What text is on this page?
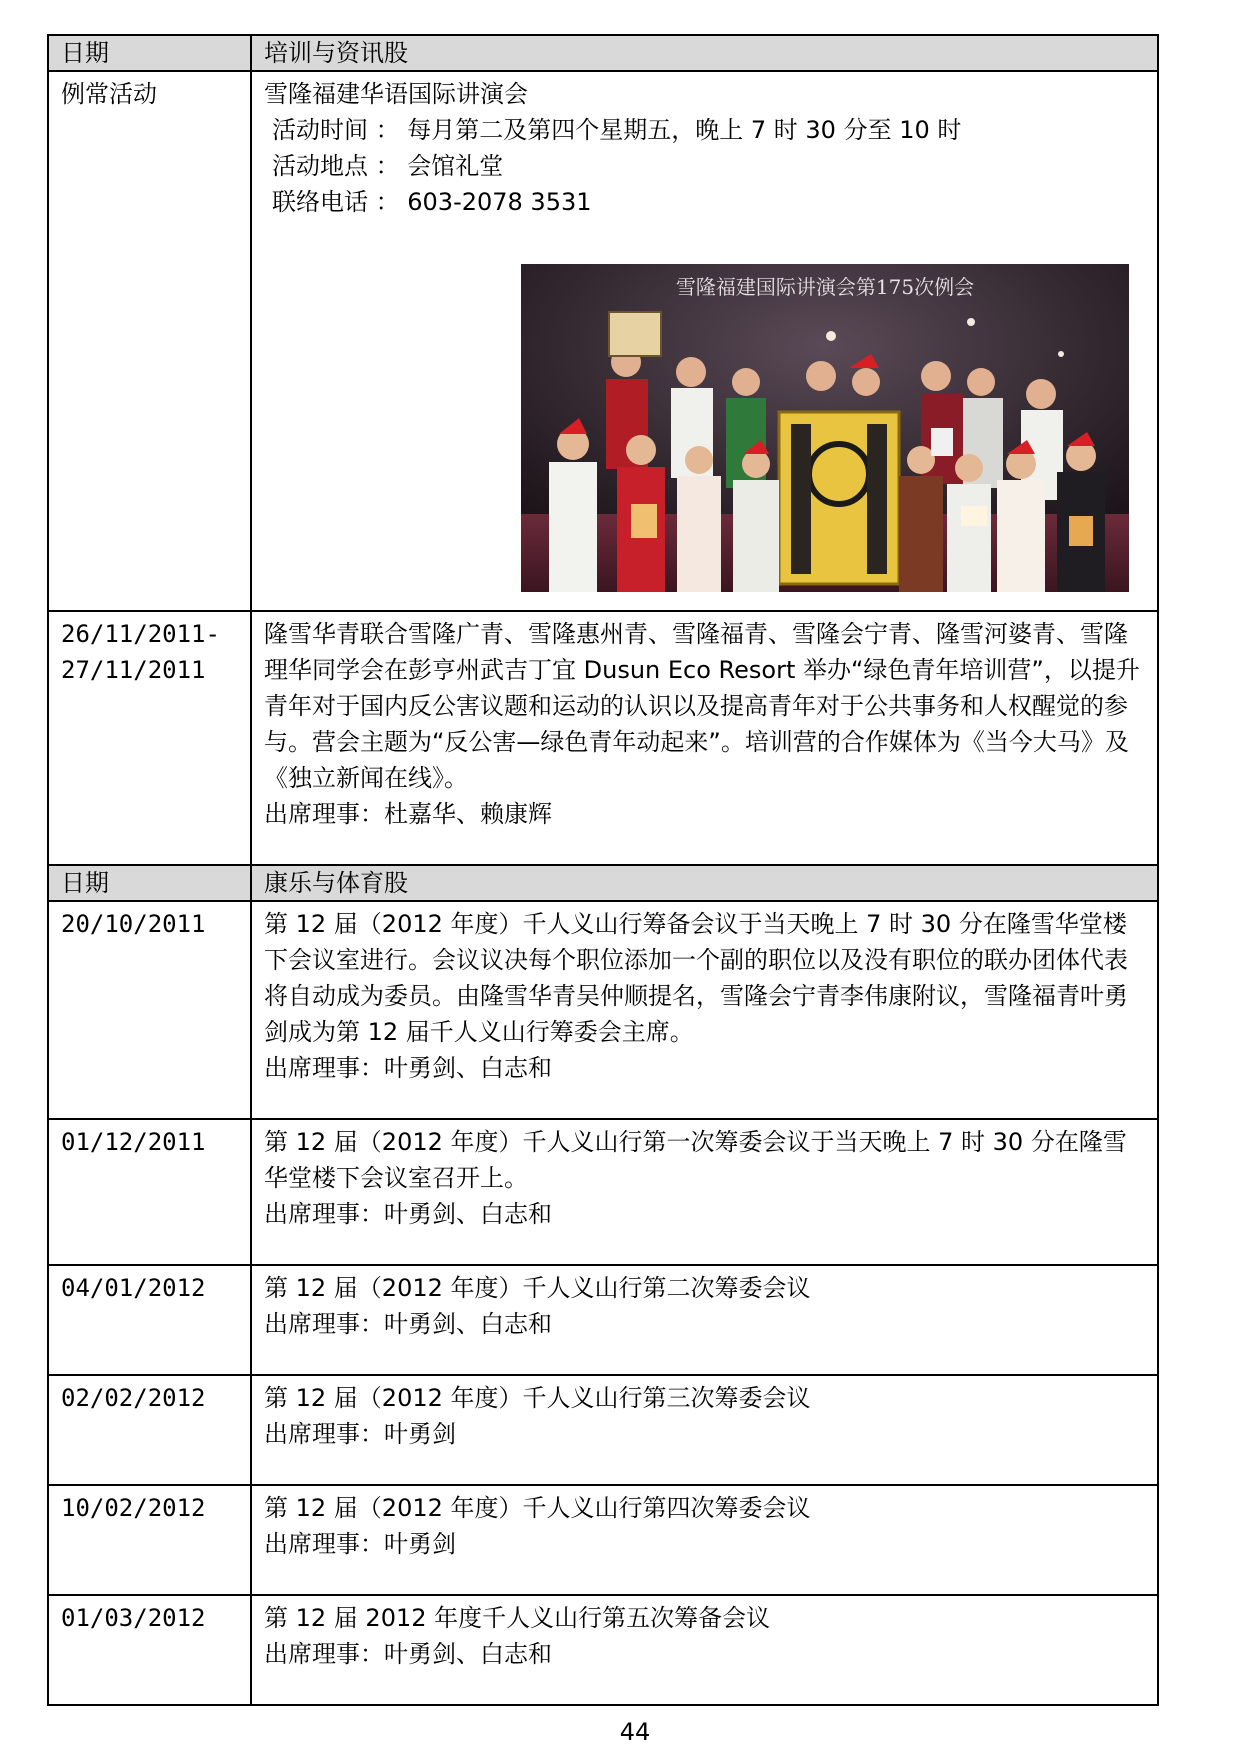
日期	培训与资讯股
例常活动	雪隆福建华语国际讲演会
活动时间 ： 每月第二及第四个星期五，晚上 7 时 30 分至 10 时
活动地点 ： 会馆礼堂
联络电话 ： 603-2078 3531
雪隆福建国际讲演会第175次例会

26/11/2011-
27/11/2011	隆雪华青联合雪隆广青、雪隆惠州青、雪隆福青、雪隆会宁青、隆雪河婆青、雪隆理华同学会在彭亨州武吉丁宜 Dusun Eco Resort 举办“绿色青年培训营”，以提升青年对于国内反公害议题和运动的认识以及提高青年对于公共事务和人权醒觉的参与。营会主题为“反公害—绿色青年动起来”。培训营的合作媒体为《当今大马》及《独立新闻在线》。
出席理事：杜嘉华、赖康辉

日期	康乐与体育股
20/10/2011	第 12 届（2012 年度）千人义山行筹备会议于当天晚上 7 时 30 分在隆雪华堂楼下会议室进行。会议议决每个职位添加一个副的职位以及没有职位的联办团体代表将自动成为委员。由隆雪华青吴仲顺提名，雪隆会宁青李伟康附议，雪隆福青叶勇剑成为第 12 届千人义山行筹委会主席。
出席理事：叶勇剑、白志和

01/12/2011	第 12 届（2012 年度）千人义山行第一次筹委会议于当天晚上 7 时 30 分在隆雪华堂楼下会议室召开上。
出席理事：叶勇剑、白志和

04/01/2012	第 12 届（2012 年度）千人义山行第二次筹委会议
出席理事：叶勇剑、白志和

02/02/2012	第 12 届（2012 年度）千人义山行第三次筹委会议
出席理事：叶勇剑

10/02/2012	第 12 届（2012 年度）千人义山行第四次筹委会议
出席理事：叶勇剑

01/03/2012	第 12 届 2012 年度千人义山行第五次筹备会议
出席理事：叶勇剑、白志和
44
